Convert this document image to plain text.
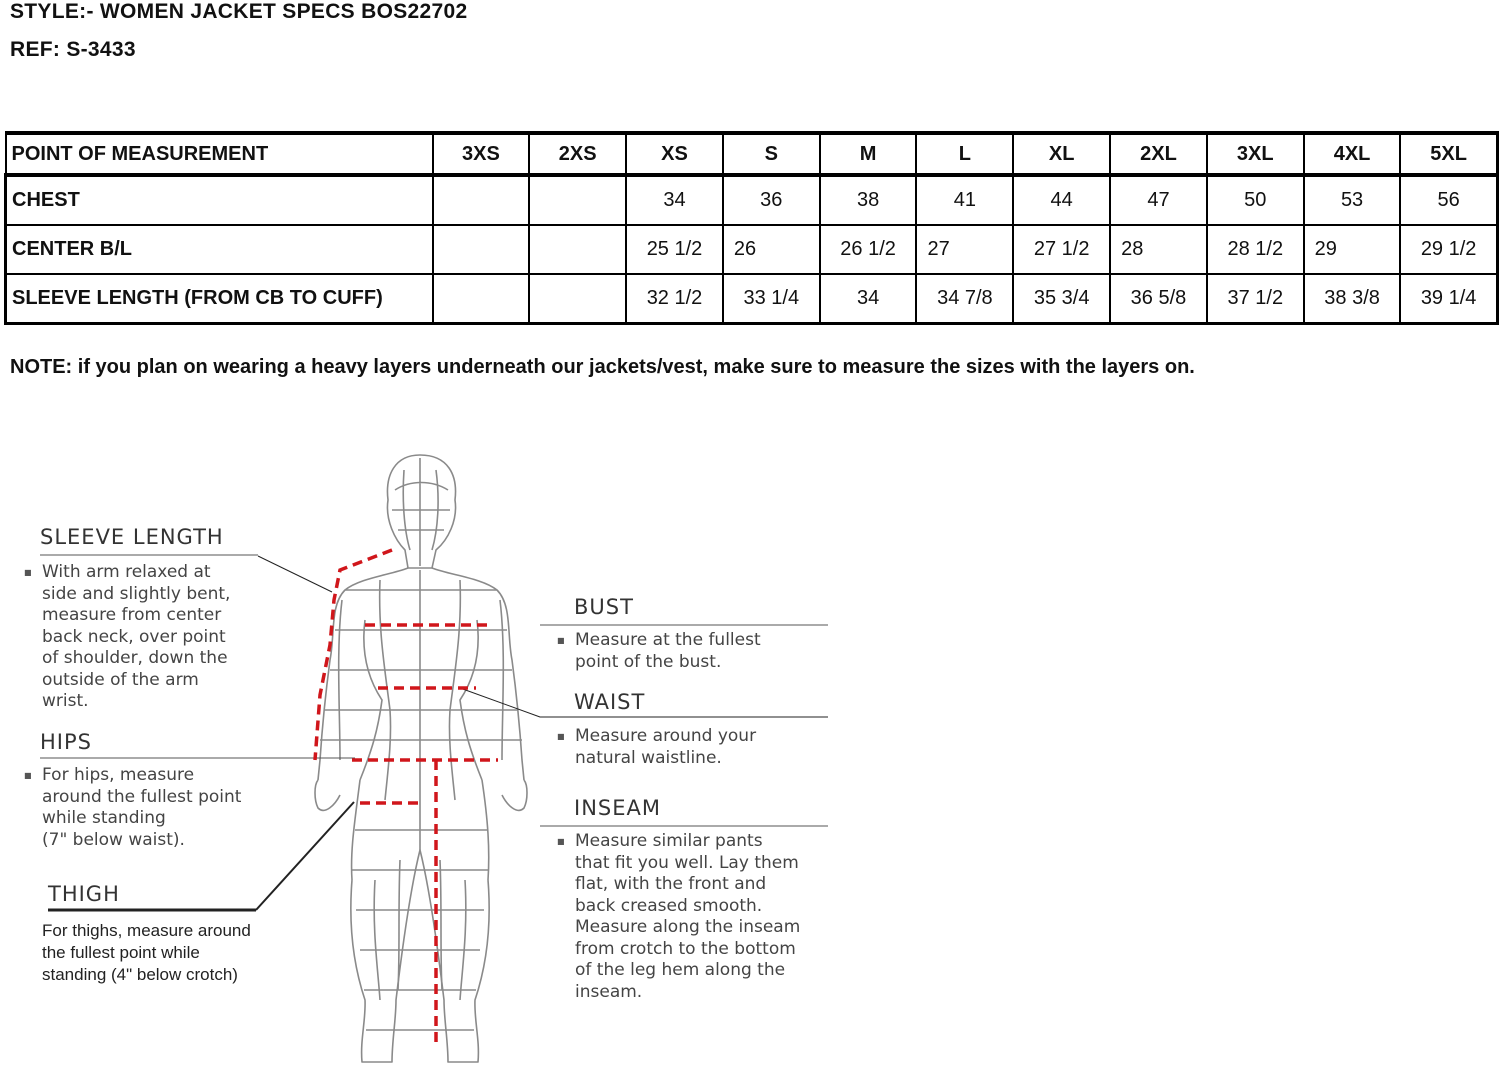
STYLE:- WOMEN JACKET SPECS BOS22702
REF: S-3433
POINT OF MEASUREMENT	3XS	2XS	XS	S	M	L	XL	2XL	3XL	4XL	5XL
CHEST			34	36	38	41	44	47	50	53	56
CENTER B/L			25 1/2	26	26 1/2	27	27 1/2	28	28 1/2	29	29 1/2
SLEEVE LENGTH (FROM CB TO CUFF)			32 1/2	33 1/4	34	34 7/8	35 3/4	36 5/8	37 1/2	38 3/8	39 1/4
NOTE: if you plan on wearing a heavy layers underneath our jackets/vest, make sure to measure the sizes with the layers on.
SLEEVE LENGTH
■ With arm relaxed at
side and slightly bent,
measure from center
back neck, over point
of shoulder, down the
outside of the arm
wrist.
HIPS
■ For hips, measure
around the fullest point
while standing
(7" below waist).
THIGH
For thighs, measure around
the fullest point while
standing (4" below crotch)
BUST
■ Measure at the fullest
point of the bust.
WAIST
■ Measure around your
natural waistline.
INSEAM
■ Measure similar pants
that fit you well. Lay them
flat, with the front and
back creased smooth.
Measure along the inseam
from crotch to the bottom
of the leg hem along the
inseam.
